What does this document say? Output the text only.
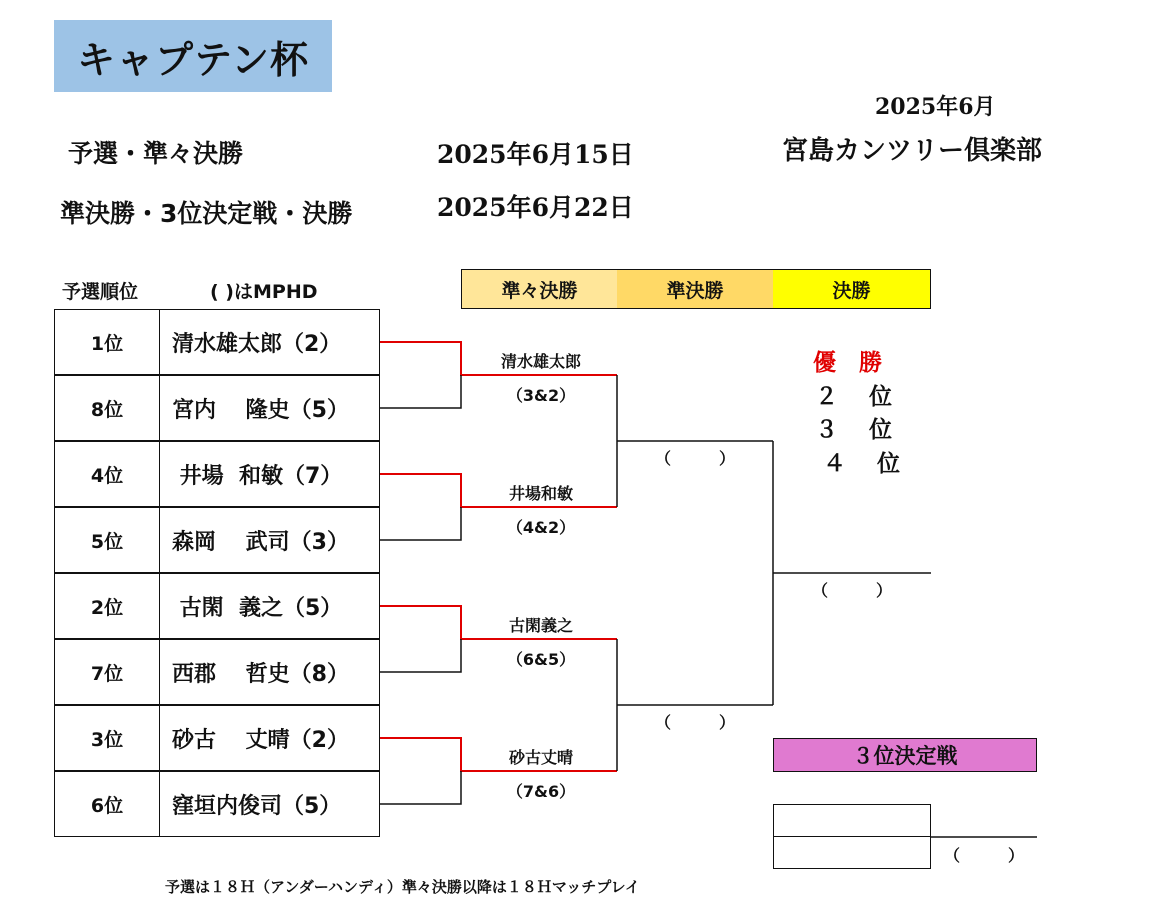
キャプテン杯
2025年6月
宮島カンツリー倶楽部
予選・準々決勝	2025年6月15日
準決勝・3位決定戦・決勝	2025年6月22日
予選順位	( )はMPHD	準々決勝	準決勝	決勝
1位	清水雄太郎（2）
8位	宮内　 隆史（5）
4位	井場  和敏（7）
5位	森岡　 武司（3）
2位	古閑  義之（5）
7位	西郡　 哲史（8）
3位	砂古　 丈晴（2）
6位	窪垣内俊司（5）
清水雄太郎
（3&2）
井場和敏
（4&2）
古閑義之
（6&5）
砂古丈晴
（7&6）
（　　　）
（　　　）
（　　　）
（　　　）
優　勝
２　 位
３　 位
４　 位
３位決定戦
予選は１８Ｈ（アンダーハンディ）準々決勝以降は１８Ｈマッチプレイ
